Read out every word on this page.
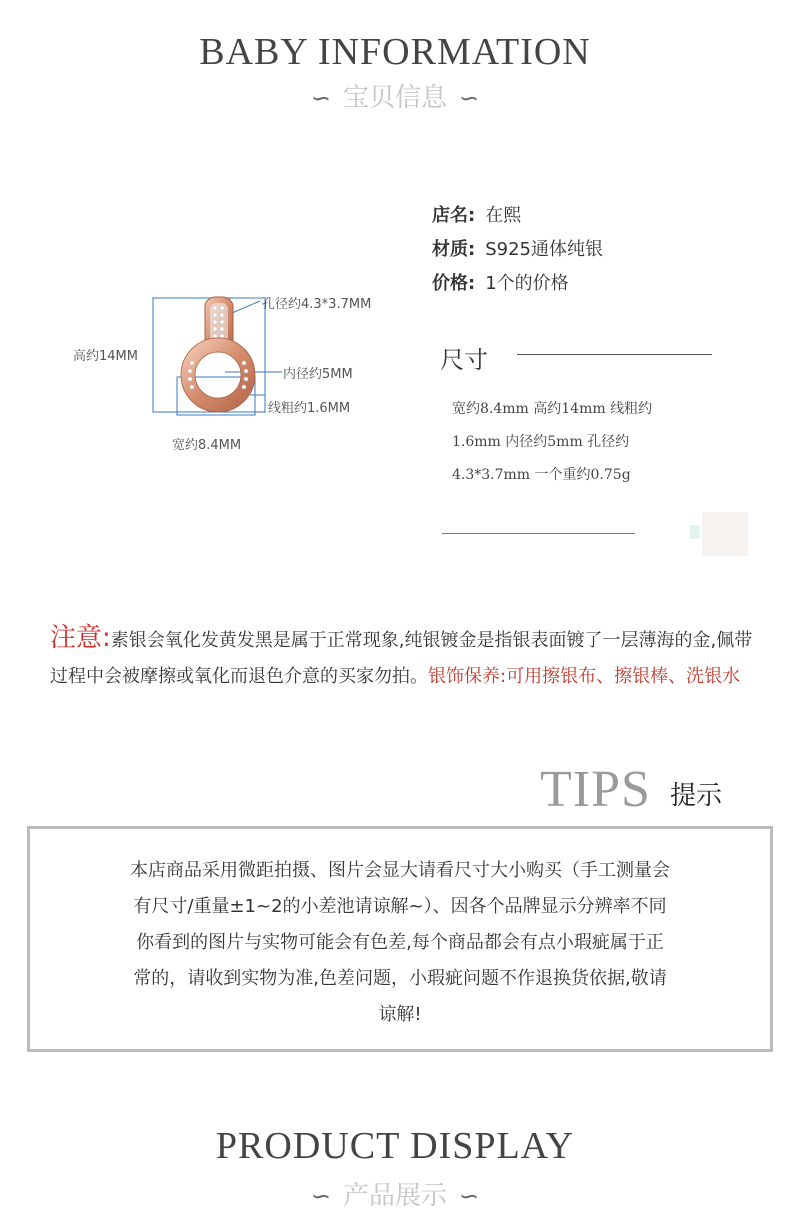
BABY INFORMATION
∽ 宝贝信息 ∽
孔径约4.3*3.7MM
高约14MM
内径约5MM
线粗约1.6MM
宽约8.4MM
店名: 在熙
材质: S925通体纯银
价格: 1个的价格
尺寸
宽约8.4mm 高约14mm 线粗约
1.6mm 内径约5mm 孔径约
4.3*3.7mm 一个重约0.75g
注意:素银会氧化发黄发黑是属于正常现象,纯银镀金是指银表面镀了一层薄海的金,佩带过程中会被摩擦或氧化而退色介意的买家勿拍。银饰保养:可用擦银布、擦银棒、洗银水
TIPS 提示

本店商品采用微距拍摄、图片会显大请看尺寸大小购买（手工测量会

有尺寸/重量±1~2的小差池请谅解~）、因各个品牌显示分辨率不同

你看到的图片与实物可能会有色差,每个商品都会有点小瑕疵属于正

常的，请收到实物为准,色差问题，小瑕疵问题不作退换货依据,敬请

谅解!

PRODUCT DISPLAY
∽ 产品展示 ∽
